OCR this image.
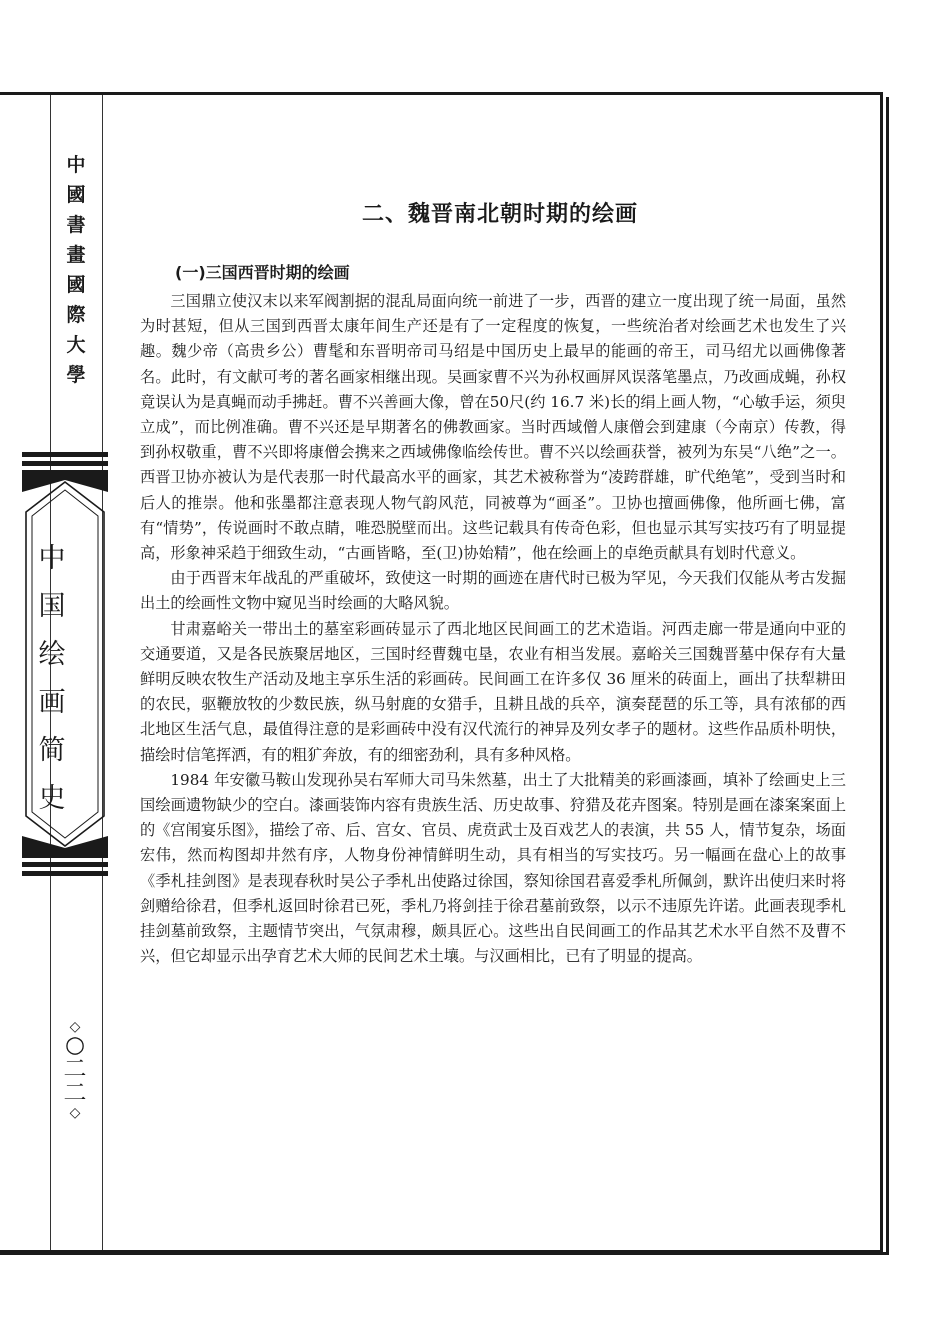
中
國
書
畫
國
際
大
學
中
国
绘
画
简
史
◇
○
二
二
◇
二、魏晋南北朝时期的绘画
(一)三国西晋时期的绘画

三国鼎立使汉末以来军阀割据的混乱局面向统一前进了一步，西晋的建立一度出现了统一局面，虽然为时甚短，但从三国到西晋太康年间生产还是有了一定程度的恢复，一些统治者对绘画艺术也发生了兴趣。魏少帝（高贵乡公）曹髦和东晋明帝司马绍是中国历史上最早的能画的帝王，司马绍尤以画佛像著名。此时，有文献可考的著名画家相继出现。吴画家曹不兴为孙权画屏风误落笔墨点，乃改画成蝇，孙权竟误认为是真蝇而动手拂赶。曹不兴善画大像，曾在50尺(约 16.7 米)长的绢上画人物，“心敏手运，须臾立成”，而比例准确。曹不兴还是早期著名的佛教画家。当时西域僧人康僧会到建康（今南京）传教，得到孙权敬重，曹不兴即将康僧会携来之西域佛像临绘传世。曹不兴以绘画获誉，被列为东吴“八绝”之一。西晋卫协亦被认为是代表那一时代最高水平的画家，其艺术被称誉为“凌跨群雄，旷代绝笔”，受到当时和后人的推崇。他和张墨都注意表现人物气韵风范，同被尊为“画圣”。卫协也擅画佛像，他所画七佛，富有“情势”，传说画时不敢点睛，唯恐脱壁而出。这些记载具有传奇色彩，但也显示其写实技巧有了明显提高，形象神采趋于细致生动，“古画皆略，至(卫)协始精”，他在绘画上的卓绝贡献具有划时代意义。

由于西晋末年战乱的严重破坏，致使这一时期的画迹在唐代时已极为罕见，今天我们仅能从考古发掘出土的绘画性文物中窥见当时绘画的大略风貌。

甘肃嘉峪关一带出土的墓室彩画砖显示了西北地区民间画工的艺术造诣。河西走廊一带是通向中亚的交通要道，又是各民族聚居地区，三国时经曹魏屯垦，农业有相当发展。嘉峪关三国魏晋墓中保存有大量鲜明反映农牧生产活动及地主享乐生活的彩画砖。民间画工在许多仅 36 厘米的砖面上，画出了扶犁耕田的农民，驱鞭放牧的少数民族，纵马射鹿的女猎手，且耕且战的兵卒，演奏琵琶的乐工等，具有浓郁的西北地区生活气息，最值得注意的是彩画砖中没有汉代流行的神异及列女孝子的题材。这些作品质朴明快，描绘时信笔挥洒，有的粗犷奔放，有的细密劲利，具有多种风格。

1984 年安徽马鞍山发现孙吴右军师大司马朱然墓，出土了大批精美的彩画漆画，填补了绘画史上三国绘画遗物缺少的空白。漆画装饰内容有贵族生活、历史故事、狩猎及花卉图案。特别是画在漆案案面上的《宫闱宴乐图》，描绘了帝、后、宫女、官员、虎贲武士及百戏艺人的表演，共 55 人，情节复杂，场面宏伟，然而构图却井然有序，人物身份神情鲜明生动，具有相当的写实技巧。另一幅画在盘心上的故事《季札挂剑图》是表现春秋时吴公子季札出使路过徐国，察知徐国君喜爱季札所佩剑，默许出使归来时将剑赠给徐君，但季札返回时徐君已死，季札乃将剑挂于徐君墓前致祭，以示不违原先许诺。此画表现季札挂剑墓前致祭，主题情节突出，气氛肃穆，颇具匠心。这些出自民间画工的作品其艺术水平自然不及曹不兴，但它却显示出孕育艺术大师的民间艺术土壤。与汉画相比，已有了明显的提高。
